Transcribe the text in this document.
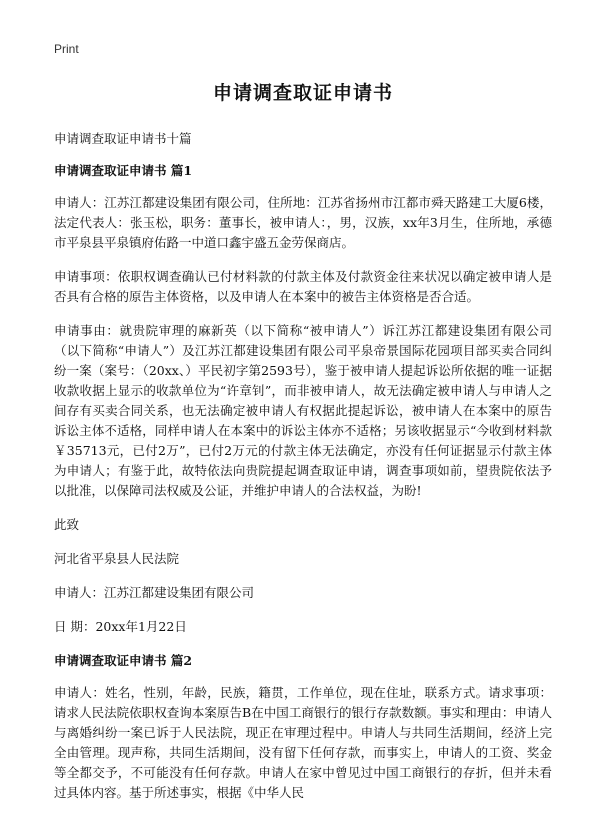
Print
申请调查取证申请书
申请调查取证申请书十篇
申请调查取证申请书 篇1

申请人：江苏江都建设集团有限公司，住所地：江苏省扬州市江都市舜天路建工大厦6楼，法定代表人：张玉松，职务：董事长，被申请人：，男，汉族，xx年3月生，住所地，承德市平泉县平泉镇府佑路一中道口鑫宇盛五金劳保商店。

申请事项：依职权调查确认已付材料款的付款主体及付款资金往来状况以确定被申请人是否具有合格的原告主体资格，以及申请人在本案中的被告主体资格是否合适。

申请事由：就贵院审理的麻新英（以下简称“被申请人”）诉江苏江都建设集团有限公司（以下简称“申请人”）及江苏江都建设集团有限公司平泉帝景国际花园项目部买卖合同纠纷一案（案号：（20xx、）平民初字第2593号），鉴于被申请人提起诉讼所依据的唯一证据收款收据上显示的收款单位为“许章钊”，而非被申请人，故无法确定被申请人与申请人之间存有买卖合同关系，也无法确定被申请人有权据此提起诉讼，被申请人在本案中的原告诉讼主体不适格，同样申请人在本案中的诉讼主体亦不适格；另该收据显示“今收到材料款￥35713元，已付2万”，已付2万元的付款主体无法确定，亦没有任何证据显示付款主体为申请人；有鉴于此，故特依法向贵院提起调查取证申请，调查事项如前，望贵院依法予以批准，以保障司法权威及公证，并维护申请人的合法权益，为盼!

此致

河北省平泉县人民法院

申请人：江苏江都建设集团有限公司

日 期：20xx年1月22日

申请调查取证申请书 篇2

申请人：姓名，性别，年龄，民族，籍贯，工作单位，现在住址，联系方式。请求事项：请求人民法院依职权查询本案原告B在中国工商银行的银行存款数额。事实和理由：申请人与离婚纠纷一案已诉于人民法院，现正在审理过程中。申请人与共同生活期间，经济上完全由管理。现声称，共同生活期间，没有留下任何存款，而事实上，申请人的工资、奖金等全都交予，不可能没有任何存款。申请人在家中曾见过中国工商银行的存折，但并未看过具体内容。基于所述事实，根据《中华人民
